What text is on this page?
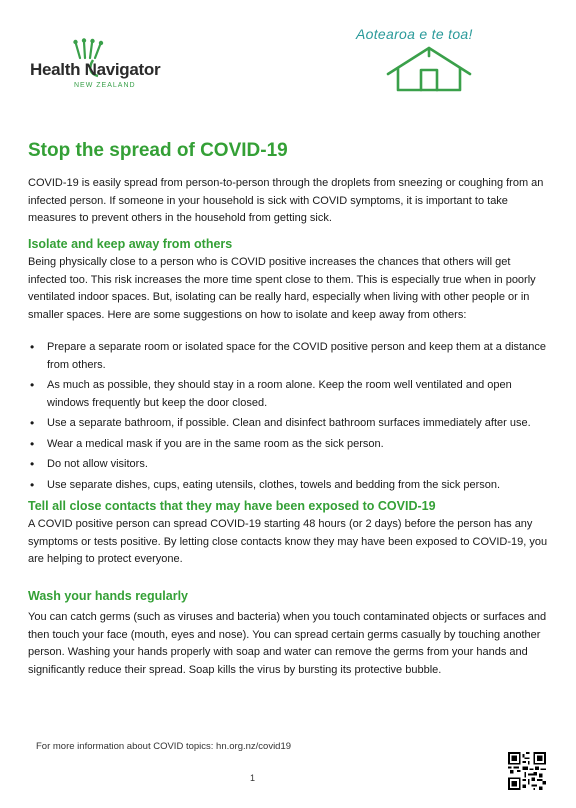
Health Navigator
NEW ZEALAND
Aotearoa e te toa!
Stop the spread of COVID-19

COVID-19 is easily spread from person-to-person through the droplets from sneezing or coughing from an infected person. If someone in your household is sick with COVID symptoms, it is important to take measures to prevent others in the household from getting sick.

Isolate and keep away from others

Being physically close to a person who is COVID positive increases the chances that others will get infected too. This risk increases the more time spent close to them. This is especially true when in poorly ventilated indoor spaces. But, isolating can be really hard, especially when living with other people or in smaller spaces. Here are some suggestions on how to isolate and keep away from others:

• Prepare a separate room or isolated space for the COVID positive person and keep them at a distance from others.
• As much as possible, they should stay in a room alone. Keep the room well ventilated and open windows frequently but keep the door closed.
• Use a separate bathroom, if possible. Clean and disinfect bathroom surfaces immediately after use.
• Wear a medical mask if you are in the same room as the sick person.
• Do not allow visitors.
• Use separate dishes, cups, eating utensils, clothes, towels and bedding from the sick person.
Tell all close contacts that they may have been exposed to COVID-19

A COVID positive person can spread COVID-19 starting 48 hours (or 2 days) before the person has any symptoms or tests positive. By letting close contacts know they may have been exposed to COVID-19, you are helping to protect everyone.

Wash your hands regularly

You can catch germs (such as viruses and bacteria) when you touch contaminated objects or surfaces and then touch your face (mouth, eyes and nose). You can spread certain germs casually by touching another person. Washing your hands properly with soap and water can remove the germs from your hands and significantly reduce their spread. Soap kills the virus by bursting its protective bubble.

For more information about COVID topics: hn.org.nz/covid19
1
